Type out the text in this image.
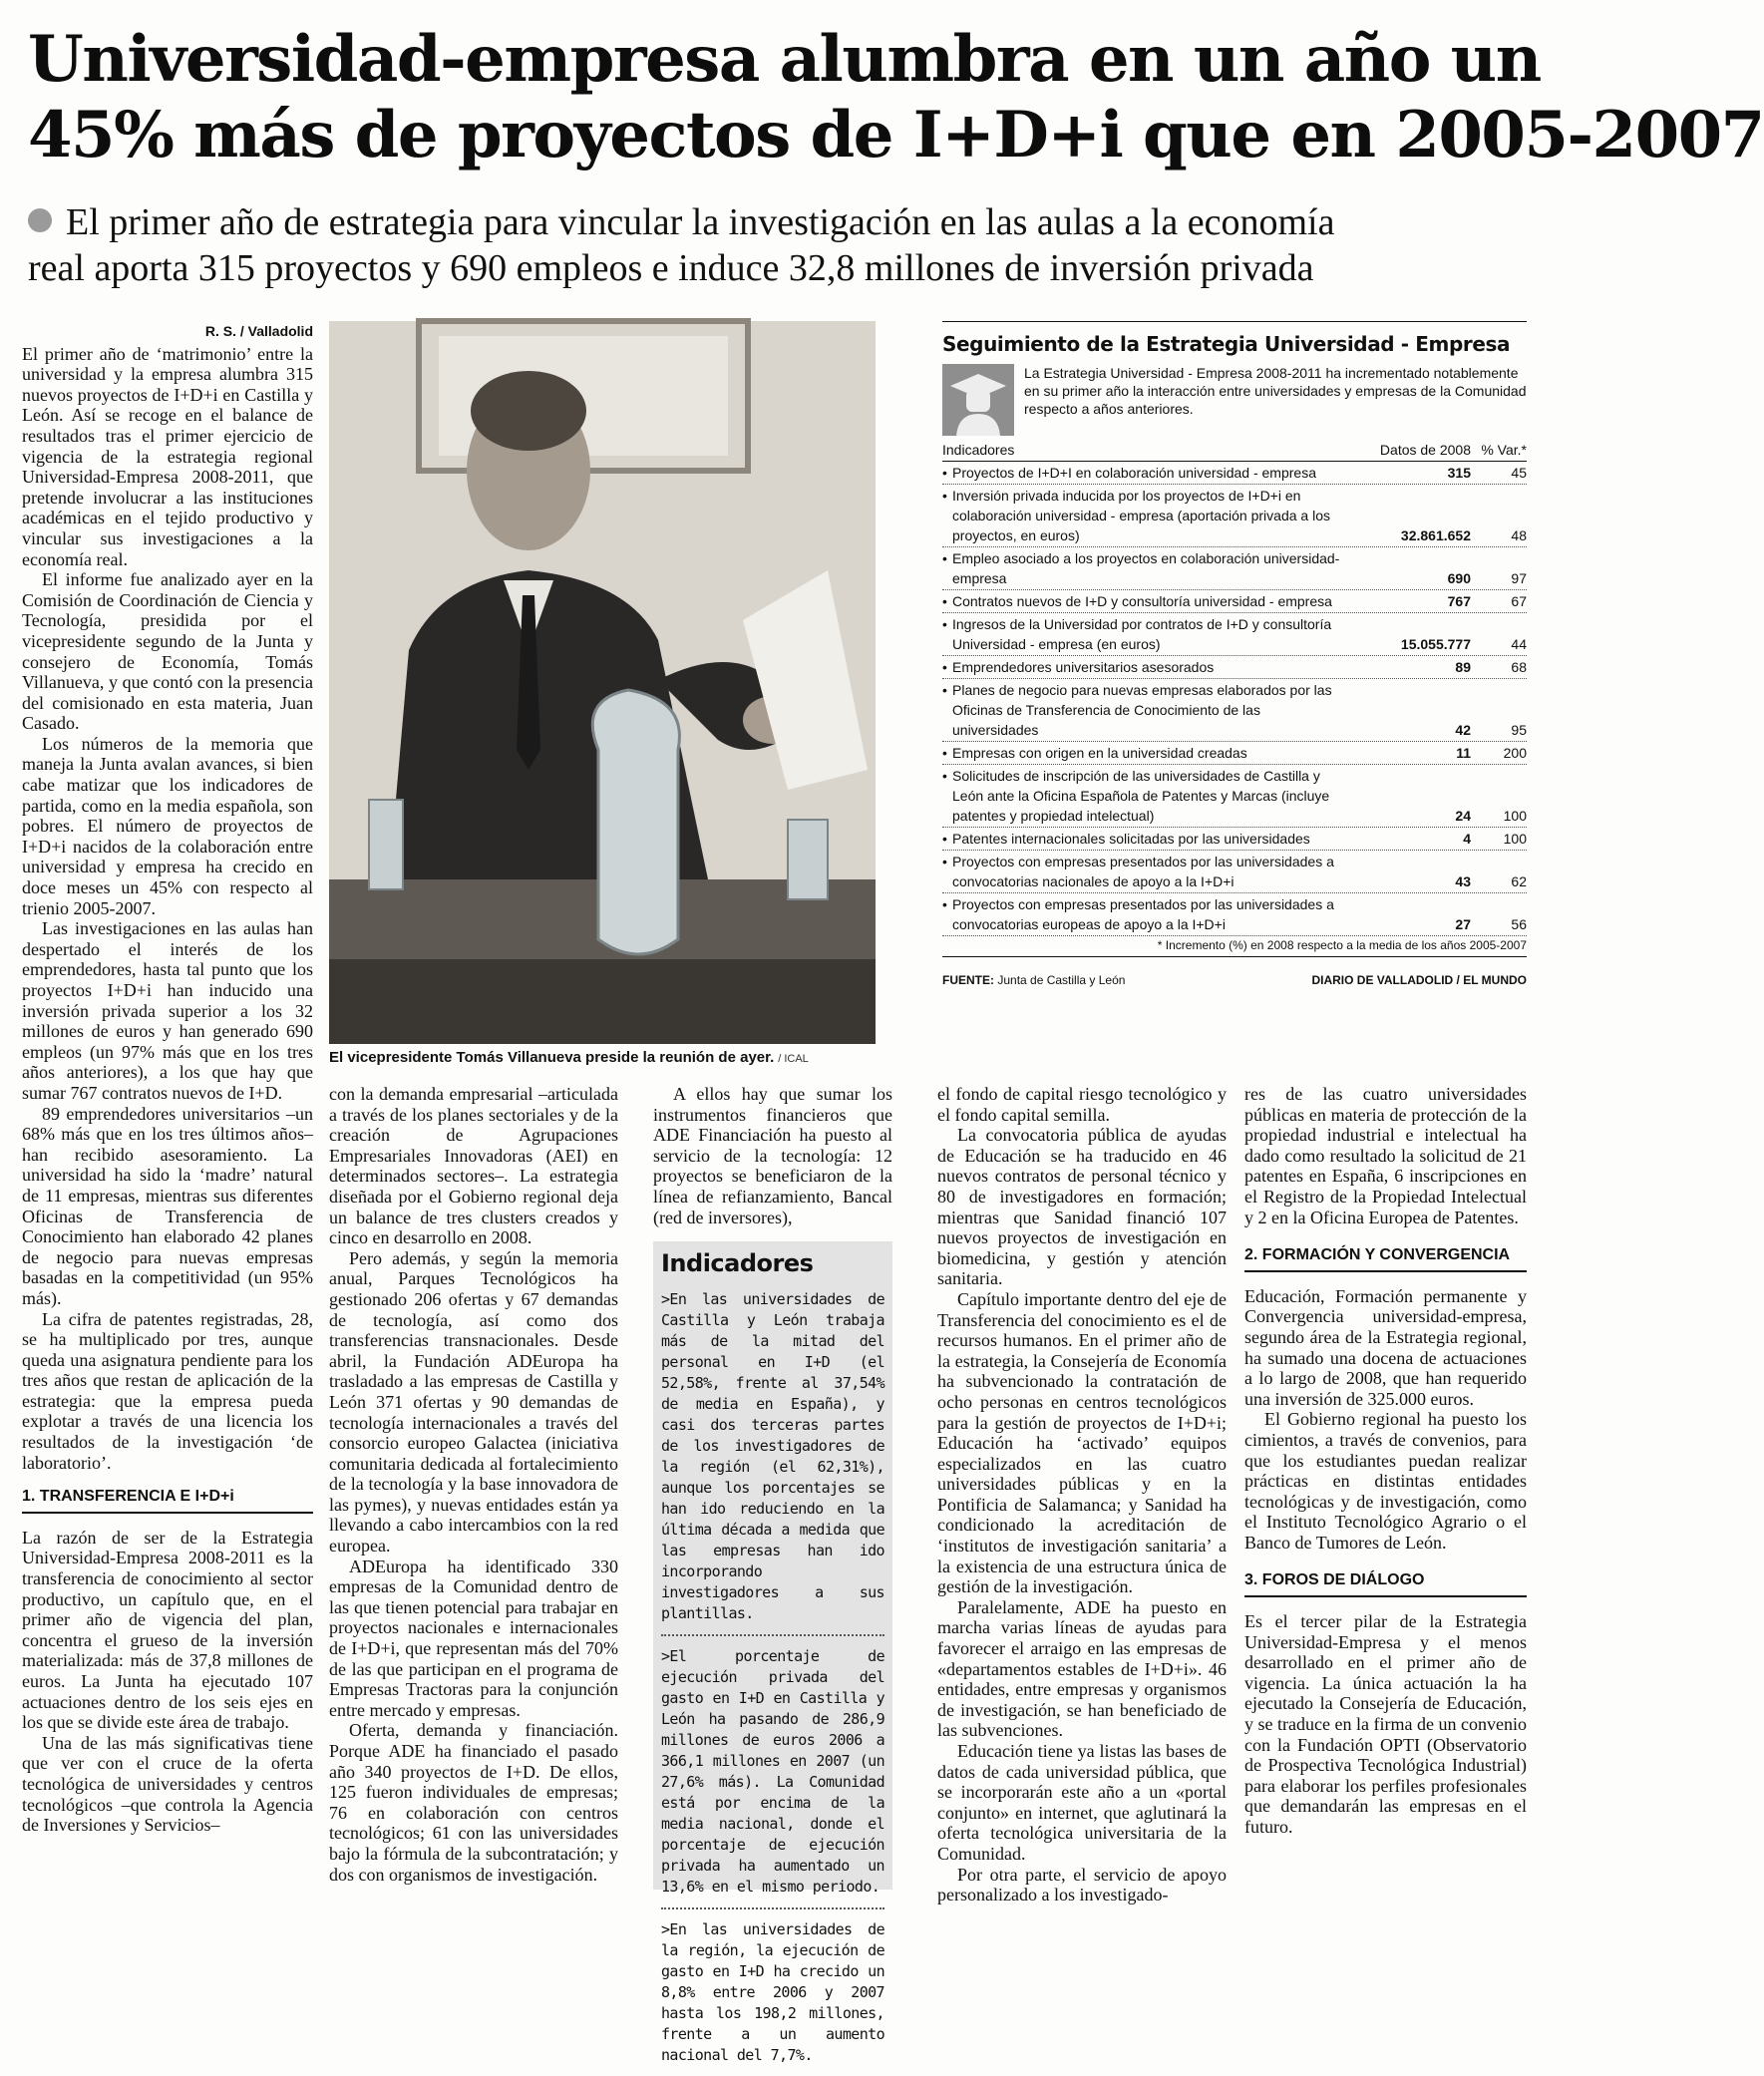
Universidad-empresa alumbra en un año un
45% más de proyectos de I+D+i que en 2005-2007
El primer año de estrategia para vincular la investigación en las aulas a la economía
real aporta 315 proyectos y 690 empleos e induce 32,8 millones de inversión privada

R. S. / Valladolid

El primer año de ‘matrimonio’ entre la universidad y la empresa alumbra 315 nuevos proyectos de I+D+i en Castilla y León. Así se recoge en el balance de resultados tras el primer ejercicio de vigencia de la estrategia regional Universidad-Empresa 2008-2011, que pretende involucrar a las instituciones académicas en el tejido productivo y vincular sus investigaciones a la economía real.

El informe fue analizado ayer en la Comisión de Coordinación de Ciencia y Tecnología, presidida por el vicepresidente segundo de la Junta y consejero de Economía, Tomás Villanueva, y que contó con la presencia del comisionado en esta materia, Juan Casado.

Los números de la memoria que maneja la Junta avalan avances, si bien cabe matizar que los indicadores de partida, como en la media española, son pobres. El número de proyectos de I+D+i nacidos de la colaboración entre universidad y empresa ha crecido en doce meses un 45% con respecto al trienio 2005-2007.

Las investigaciones en las aulas han despertado el interés de los emprendedores, hasta tal punto que los proyectos I+D+i han inducido una inversión privada superior a los 32 millones de euros y han generado 690 empleos (un 97% más que en los tres años anteriores), a los que hay que sumar 767 contratos nuevos de I+D.

89 emprendedores universitarios –un 68% más que en los tres últimos años– han recibido asesoramiento. La universidad ha sido la ‘madre’ natural de 11 empresas, mientras sus diferentes Oficinas de Transferencia de Conocimiento han elaborado 42 planes de negocio para nuevas empresas basadas en la competitividad (un 95% más).

La cifra de patentes registradas, 28, se ha multiplicado por tres, aunque queda una asignatura pendiente para los tres años que restan de aplicación de la estrategia: que la empresa pueda explotar a través de una licencia los resultados de la investigación ‘de laboratorio’.

1. TRANSFERENCIA E I+D+i

La razón de ser de la Estrategia Universidad-Empresa 2008-2011 es la transferencia de conocimiento al sector productivo, un capítulo que, en el primer año de vigencia del plan, concentra el grueso de la inversión materializada: más de 37,8 millones de euros. La Junta ha ejecutado 107 actuaciones dentro de los seis ejes en los que se divide este área de trabajo.

Una de las más significativas tiene que ver con el cruce de la oferta tecnológica de universidades y centros tecnológicos –que controla la Agencia de Inversiones y Servicios–

El vicepresidente Tomás Villanueva preside la reunión de ayer. / ICAL

con la demanda empresarial –articulada a través de los planes sectoriales y de la creación de Agrupaciones Empresariales Innovadoras (AEI) en determinados sectores–. La estrategia diseñada por el Gobierno regional deja un balance de tres clusters creados y cinco en desarrollo en 2008.

Pero además, y según la memoria anual, Parques Tecnológicos ha gestionado 206 ofertas y 67 demandas de tecnología, así como dos transferencias transnacionales. Desde abril, la Fundación ADEuropa ha trasladado a las empresas de Castilla y León 371 ofertas y 90 demandas de tecnología internacionales a través del consorcio europeo Galactea (iniciativa comunitaria dedicada al fortalecimiento de la tecnología y la base innovadora de las pymes), y nuevas entidades están ya llevando a cabo intercambios con la red europea.

ADEuropa ha identificado 330 empresas de la Comunidad dentro de las que tienen potencial para trabajar en proyectos nacionales e internacionales de I+D+i, que representan más del 70% de las que participan en el programa de Empresas Tractoras para la conjunción entre mercado y empresas.

Oferta, demanda y financiación. Porque ADE ha financiado el pasado año 340 proyectos de I+D. De ellos, 125 fueron individuales de empresas; 76 en colaboración con centros tecnológicos; 61 con las universidades bajo la fórmula de la subcontratación; y dos con organismos de investigación.

A ellos hay que sumar los instrumentos financieros que ADE Financiación ha puesto al servicio de la tecnología: 12 proyectos se beneficiaron de la línea de refianzamiento, Bancal (red de inversores),

Indicadores
>En las universidades de Castilla y León trabaja más de la mitad del personal en I+D (el 52,58%, frente al 37,54% de media en España), y casi dos terceras partes de los investigadores de la región (el 62,31%), aunque los porcentajes se han ido reduciendo en la última década a medida que las empresas han ido incorporando investigadores a sus plantillas.
>El porcentaje de ejecución privada del gasto en I+D en Castilla y León ha pasando de 286,9 millones de euros 2006 a 366,1 millones en 2007 (un 27,6% más). La Comunidad está por encima de la media nacional, donde el porcentaje de ejecución privada ha aumentado un 13,6% en el mismo periodo.
>En las universidades de la región, la ejecución de gasto en I+D ha crecido un 8,8% entre 2006 y 2007 hasta los 198,2 millones, frente a un aumento nacional del 7,7%.

el fondo de capital riesgo tecnológico y el fondo capital semilla.

La convocatoria pública de ayudas de Educación se ha traducido en 46 nuevos contratos de personal técnico y 80 de investigadores en formación; mientras que Sanidad financió 107 nuevos proyectos de investigación en biomedicina, y gestión y atención sanitaria.

Capítulo importante dentro del eje de Transferencia del conocimiento es el de recursos humanos. En el primer año de la estrategia, la Consejería de Economía ha subvencionado la contratación de ocho personas en centros tecnológicos para la gestión de proyectos de I+D+i; Educación ha ‘activado’ equipos especializados en las cuatro universidades públicas y en la Pontificia de Salamanca; y Sanidad ha condicionado la acreditación de ‘institutos de investigación sanitaria’ a la existencia de una estructura única de gestión de la investigación.

Paralelamente, ADE ha puesto en marcha varias líneas de ayudas para favorecer el arraigo en las empresas de «departamentos estables de I+D+i». 46 entidades, entre empresas y organismos de investigación, se han beneficiado de las subvenciones.

Educación tiene ya listas las bases de datos de cada universidad pública, que se incorporarán este año a un «portal conjunto» en internet, que aglutinará la oferta tecnológica universitaria de la Comunidad.

Por otra parte, el servicio de apoyo personalizado a los investigado-

res de las cuatro universidades públicas en materia de protección de la propiedad industrial e intelectual ha dado como resultado la solicitud de 21 patentes en España, 6 inscripciones en el Registro de la Propiedad Intelectual y 2 en la Oficina Europea de Patentes.

2. FORMACIÓN Y CONVERGENCIA

Educación, Formación permanente y Convergencia universidad-empresa, segundo área de la Estrategia regional, ha sumado una docena de actuaciones a lo largo de 2008, que han requerido una inversión de 325.000 euros.

El Gobierno regional ha puesto los cimientos, a través de convenios, para que los estudiantes puedan realizar prácticas en distintas entidades tecnológicas y de investigación, como el Instituto Tecnológico Agrario o el Banco de Tumores de León.

3. FOROS DE DIÁLOGO

Es el tercer pilar de la Estrategia Universidad-Empresa y el menos desarrollado en el primer año de vigencia. La única actuación la ha ejecutado la Consejería de Educación, y se traduce en la firma de un convenio con la Fundación OPTI (Observatorio de Prospectiva Tecnológica Industrial) para elaborar los perfiles profesionales que demandarán las empresas en el futuro.

Seguimiento de la Estrategia Universidad - Empresa
La Estrategia Universidad - Empresa 2008-2011 ha incrementado notablemente en su primer año la interacción entre universidades y empresas de la Comunidad respecto a años anteriores.
Indicadores	Datos de 2008 % Var.*
• Proyectos de I+D+I en colaboración universidad - empresa	315	45
• Inversión privada inducida por los proyectos de I+D+i en colaboración universidad - empresa (aportación privada a los proyectos, en euros)	32.861.652	48
• Empleo asociado a los proyectos en colaboración universidad-empresa	690	97
• Contratos nuevos de I+D y consultoría universidad - empresa	767	67
• Ingresos de la Universidad por contratos de I+D y consultoría Universidad - empresa (en euros)	15.055.777	44
• Emprendedores universitarios asesorados	89	68
• Planes de negocio para nuevas empresas elaborados por las Oficinas de Transferencia de Conocimiento de las universidades	42	95
• Empresas con origen en la universidad creadas	11	200
• Solicitudes de inscripción de las universidades de Castilla y León ante la Oficina Española de Patentes y Marcas (incluye patentes y propiedad intelectual)	24	100
• Patentes internacionales solicitadas por las universidades	4	100
• Proyectos con empresas presentados por las universidades a convocatorias nacionales de apoyo a la I+D+i	43	62
• Proyectos con empresas presentados por las universidades a convocatorias europeas de apoyo a la I+D+i	27	56
* Incremento (%) en 2008 respecto a la media de los años 2005-2007
FUENTE: Junta de Castilla y León	DIARIO DE VALLADOLID / EL MUNDO
